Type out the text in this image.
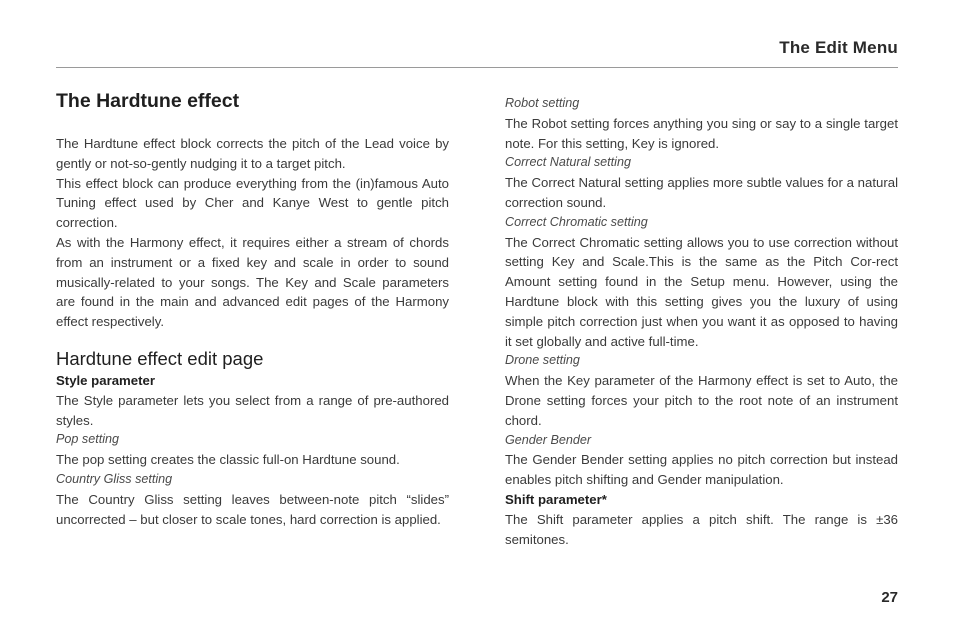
The Edit Menu
The Hardtune effect

The Hardtune effect block corrects the pitch of the Lead voice by gently or not-so-gently nudging it to a target pitch.

This effect block can produce everything from the (in)famous Auto Tuning effect used by Cher and Kanye West to gentle pitch correction.

As with the Harmony effect, it requires either a stream of chords from an instrument or a fixed key and scale in order to sound musically-related to your songs. The Key and Scale parameters are found in the main and advanced edit pages of the Harmony effect respectively.

Hardtune effect edit page

Style parameter

The Style parameter lets you select from a range of pre-authored styles.

Pop setting

The pop setting creates the classic full-on Hardtune sound.

Country Gliss setting

The Country Gliss setting leaves between-note pitch “slides” uncorrected – but closer to scale tones, hard correction is applied.

Robot setting

The Robot setting forces anything you sing or say to a single target note. For this setting, Key is ignored.

Correct Natural setting

The Correct Natural setting applies more subtle values for a natural correction sound.

Correct Chromatic setting

The Correct Chromatic setting allows you to use correction without setting Key and Scale.This is the same as the Pitch Cor-rect Amount setting found in the Setup menu. However, using the Hardtune block with this setting gives you the luxury of using simple pitch correction just when you want it as opposed to having it set globally and active full-time.

Drone setting

When the Key parameter of the Harmony effect is set to Auto, the Drone setting forces your pitch to the root note of an instrument chord.

Gender Bender

The Gender Bender setting applies no pitch correction but instead enables pitch shifting and Gender manipulation.

Shift parameter*

The Shift parameter applies a pitch shift. The range is ±36 semitones.

27
